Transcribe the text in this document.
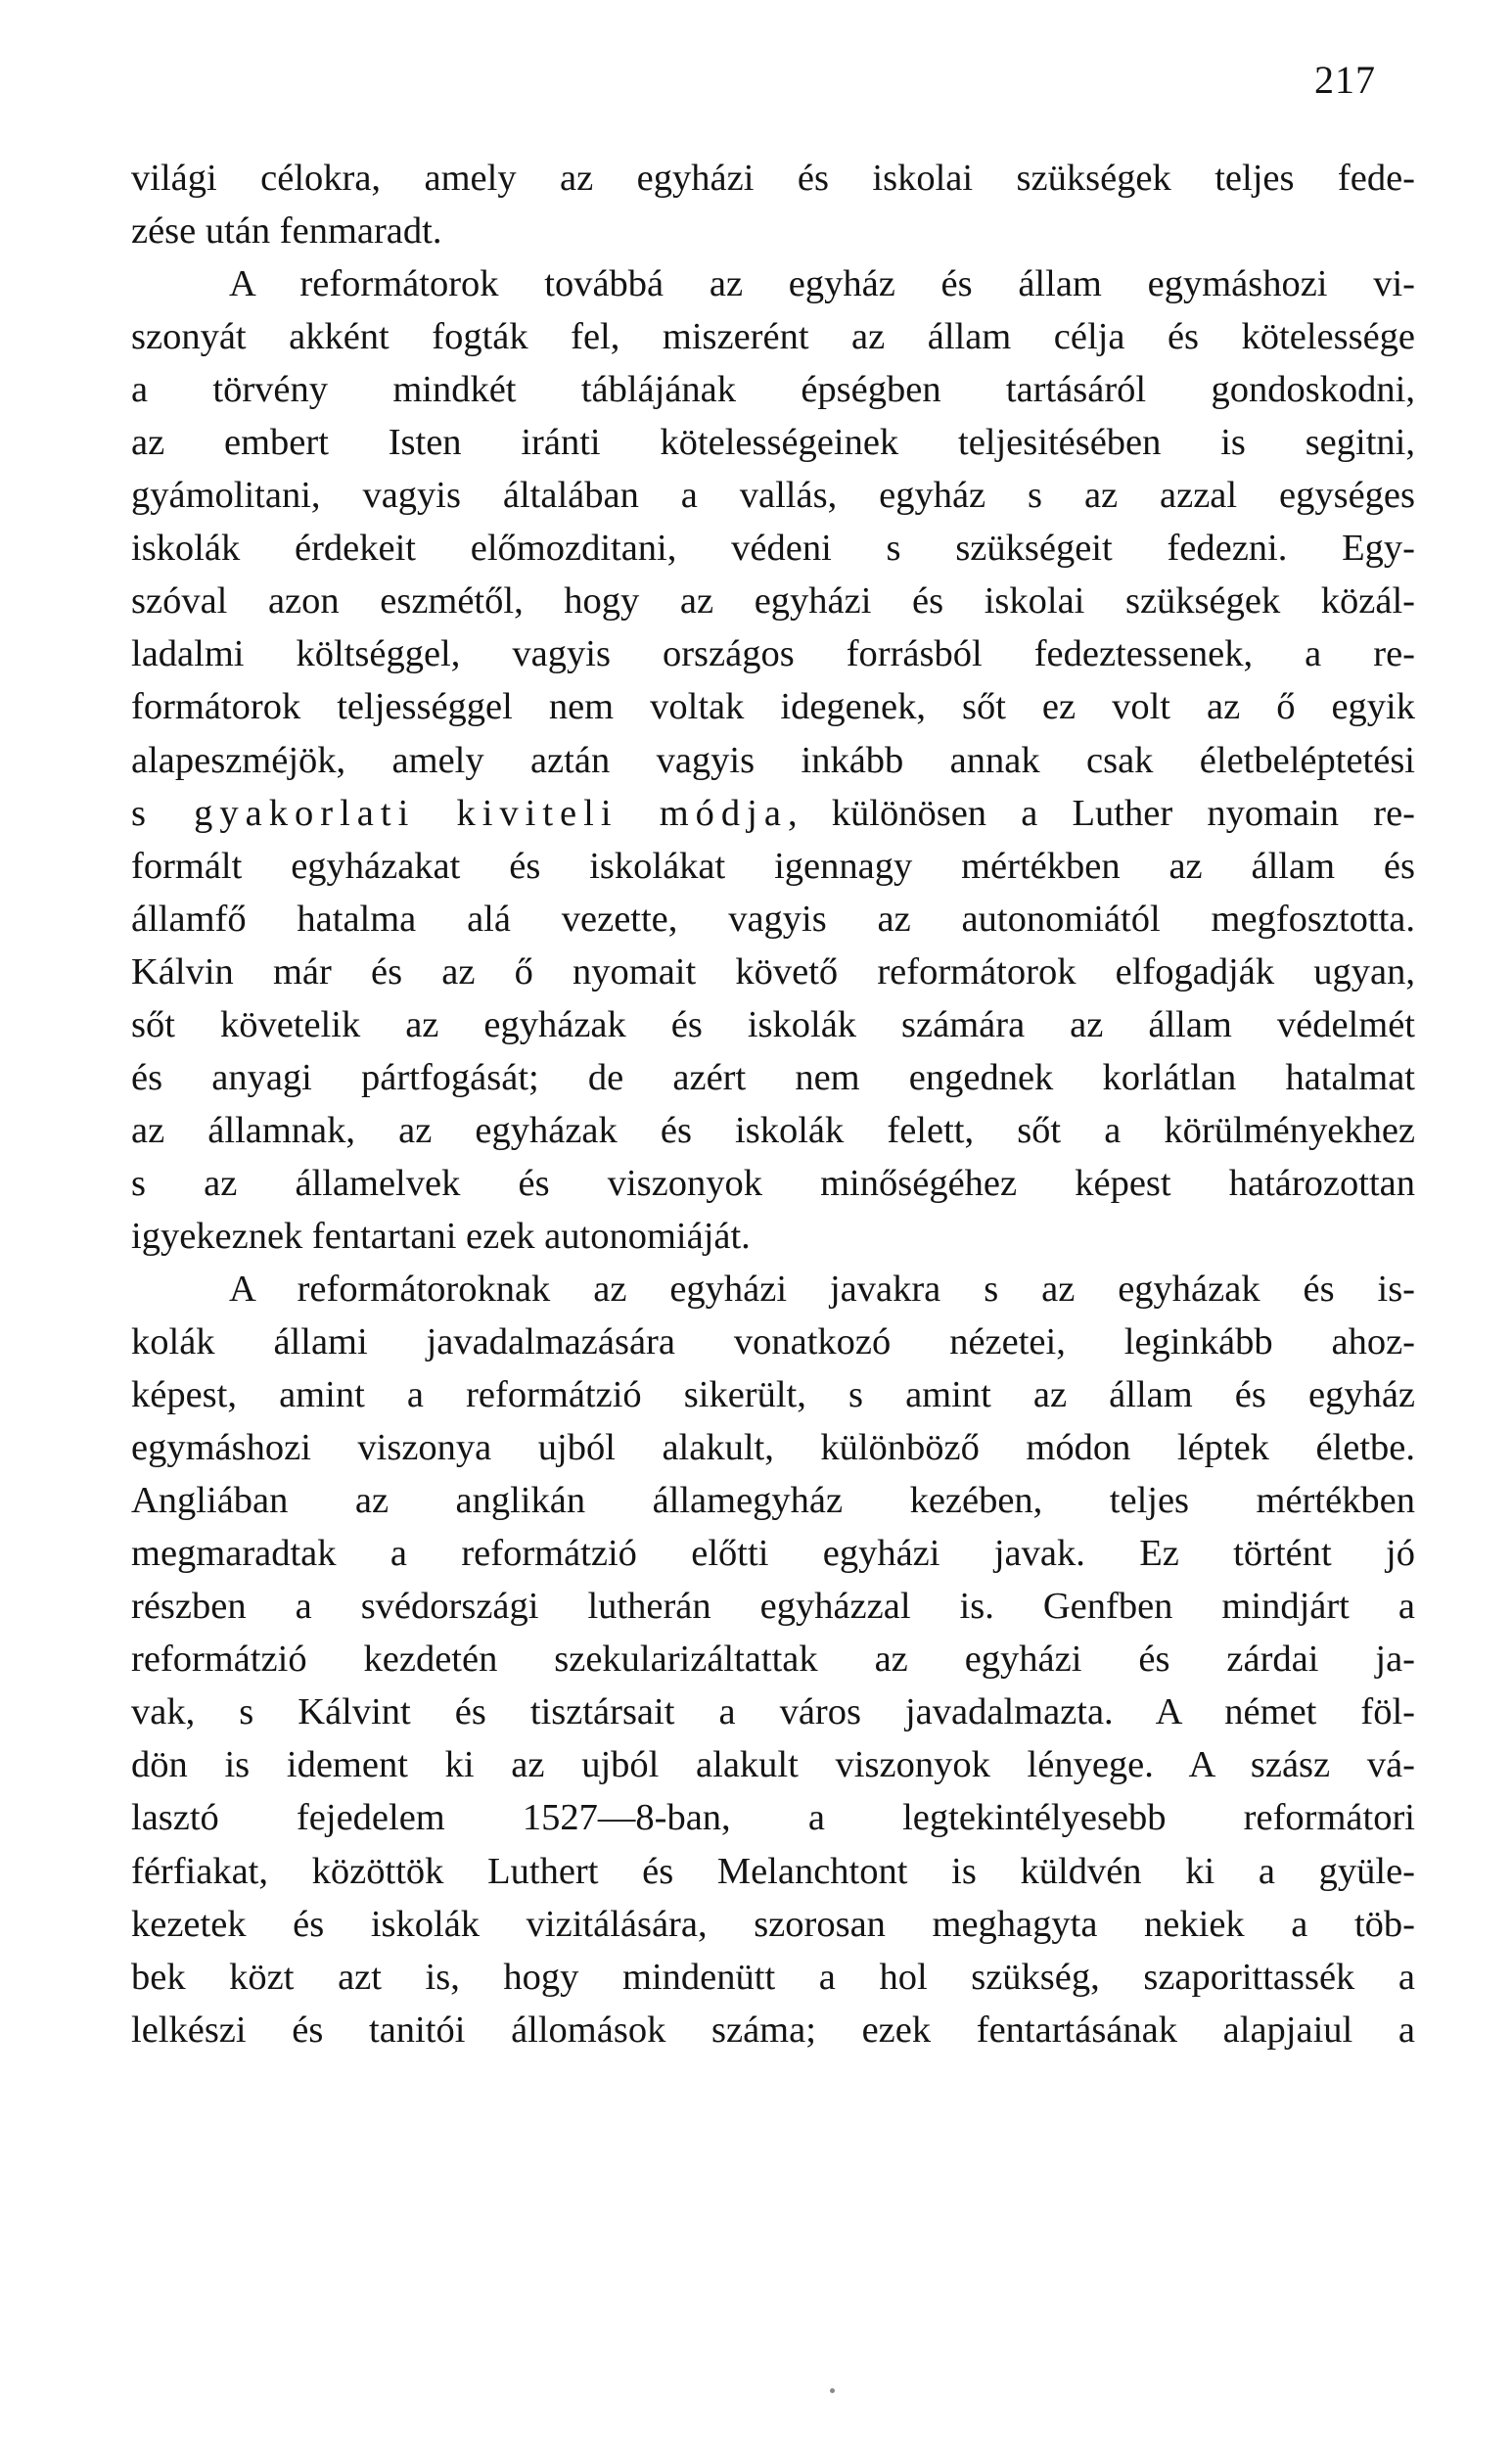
217
világi célokra, amely az egyházi és iskolai szükségek teljes fede-
zése után fenmaradt.
A reformátorok továbbá az egyház és állam egymáshozi vi-
szonyát akként fogták fel, miszerént az állam célja és kötelessége
a törvény mindkét táblájának épségben tartásáról gondoskodni,
az embert Isten iránti kötelességeinek teljesitésében is segitni,
gyámolitani, vagyis általában a vallás, egyház s az azzal egységes
iskolák érdekeit előmozditani, védeni s szükségeit fedezni. Egy-
szóval azon eszmétől, hogy az egyházi és iskolai szükségek közál-
ladalmi költséggel, vagyis országos forrásból fedeztessenek, a re-
formátorok teljességgel nem voltak idegenek, sőt ez volt az ő egyik
alapeszméjök, amely aztán vagyis inkább annak csak életbeléptetési
s gyakorlati kiviteli módja, különösen a Luther nyomain re-
formált egyházakat és iskolákat igennagy mértékben az állam és
államfő hatalma alá vezette, vagyis az autonomiától megfosztotta.
Kálvin már és az ő nyomait követő reformátorok elfogadják ugyan,
sőt követelik az egyházak és iskolák számára az állam védelmét
és anyagi pártfogását; de azért nem engednek korlátlan hatalmat
az államnak, az egyházak és iskolák felett, sőt a körülményekhez
s az államelvek és viszonyok minőségéhez képest határozottan
igyekeznek fentartani ezek autonomiáját.
A reformátoroknak az egyházi javakra s az egyházak és is-
kolák állami javadalmazására vonatkozó nézetei, leginkább ahoz-
képest, amint a reformátzió sikerült, s amint az állam és egyház
egymáshozi viszonya ujból alakult, különböző módon léptek életbe.
Angliában az anglikán államegyház kezében, teljes mértékben
megmaradtak a reformátzió előtti egyházi javak. Ez történt jó
részben a svédországi lutherán egyházzal is. Genfben mindjárt a
reformátzió kezdetén szekularizáltattak az egyházi és zárdai ja-
vak, s Kálvint és tisztársait a város javadalmazta. A német föl-
dön is idement ki az ujból alakult viszonyok lényege. A szász vá-
lasztó fejedelem 1527—8-ban, a legtekintélyesebb reformátori
férfiakat, közöttök Luthert és Melanchtont is küldvén ki a gyüle-
kezetek és iskolák vizitálására, szorosan meghagyta nekiek a töb-
bek közt azt is, hogy mindenütt a hol szükség, szaporittassék a
lelkészi és tanitói állomások száma; ezek fentartásának alapjaiul a
